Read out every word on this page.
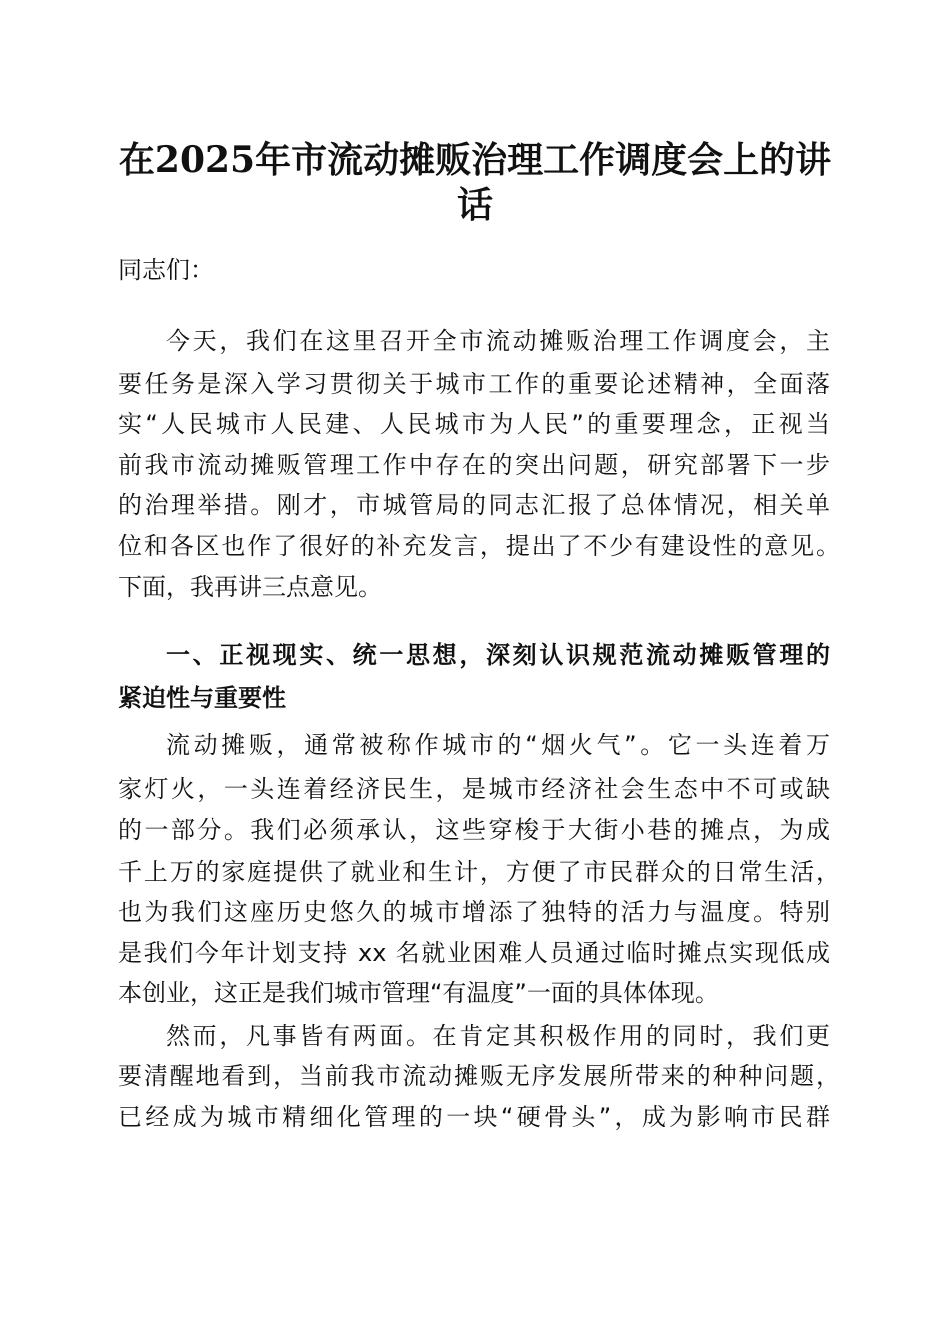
在2025年市流动摊贩治理工作调度会上的讲
话
同志们：
今天，我们在这里召开全市流动摊贩治理工作调度会，主
要任务是深入学习贯彻关于城市工作的重要论述精神，全面落
实“人民城市人民建、人民城市为人民”的重要理念，正视当
前我市流动摊贩管理工作中存在的突出问题，研究部署下一步
的治理举措。刚才，市城管局的同志汇报了总体情况，相关单
位和各区也作了很好的补充发言，提出了不少有建设性的意见。
下面，我再讲三点意见。
一、正视现实、统一思想，深刻认识规范流动摊贩管理的
紧迫性与重要性
流动摊贩，通常被称作城市的“烟火气”。它一头连着万
家灯火，一头连着经济民生，是城市经济社会生态中不可或缺
的一部分。我们必须承认，这些穿梭于大街小巷的摊点，为成
千上万的家庭提供了就业和生计，方便了市民群众的日常生活，
也为我们这座历史悠久的城市增添了独特的活力与温度。特别
是我们今年计划支持 xx 名就业困难人员通过临时摊点实现低成
本创业，这正是我们城市管理“有温度”一面的具体体现。
然而，凡事皆有两面。在肯定其积极作用的同时，我们更
要清醒地看到，当前我市流动摊贩无序发展所带来的种种问题，
已经成为城市精细化管理的一块“硬骨头”，成为影响市民群
